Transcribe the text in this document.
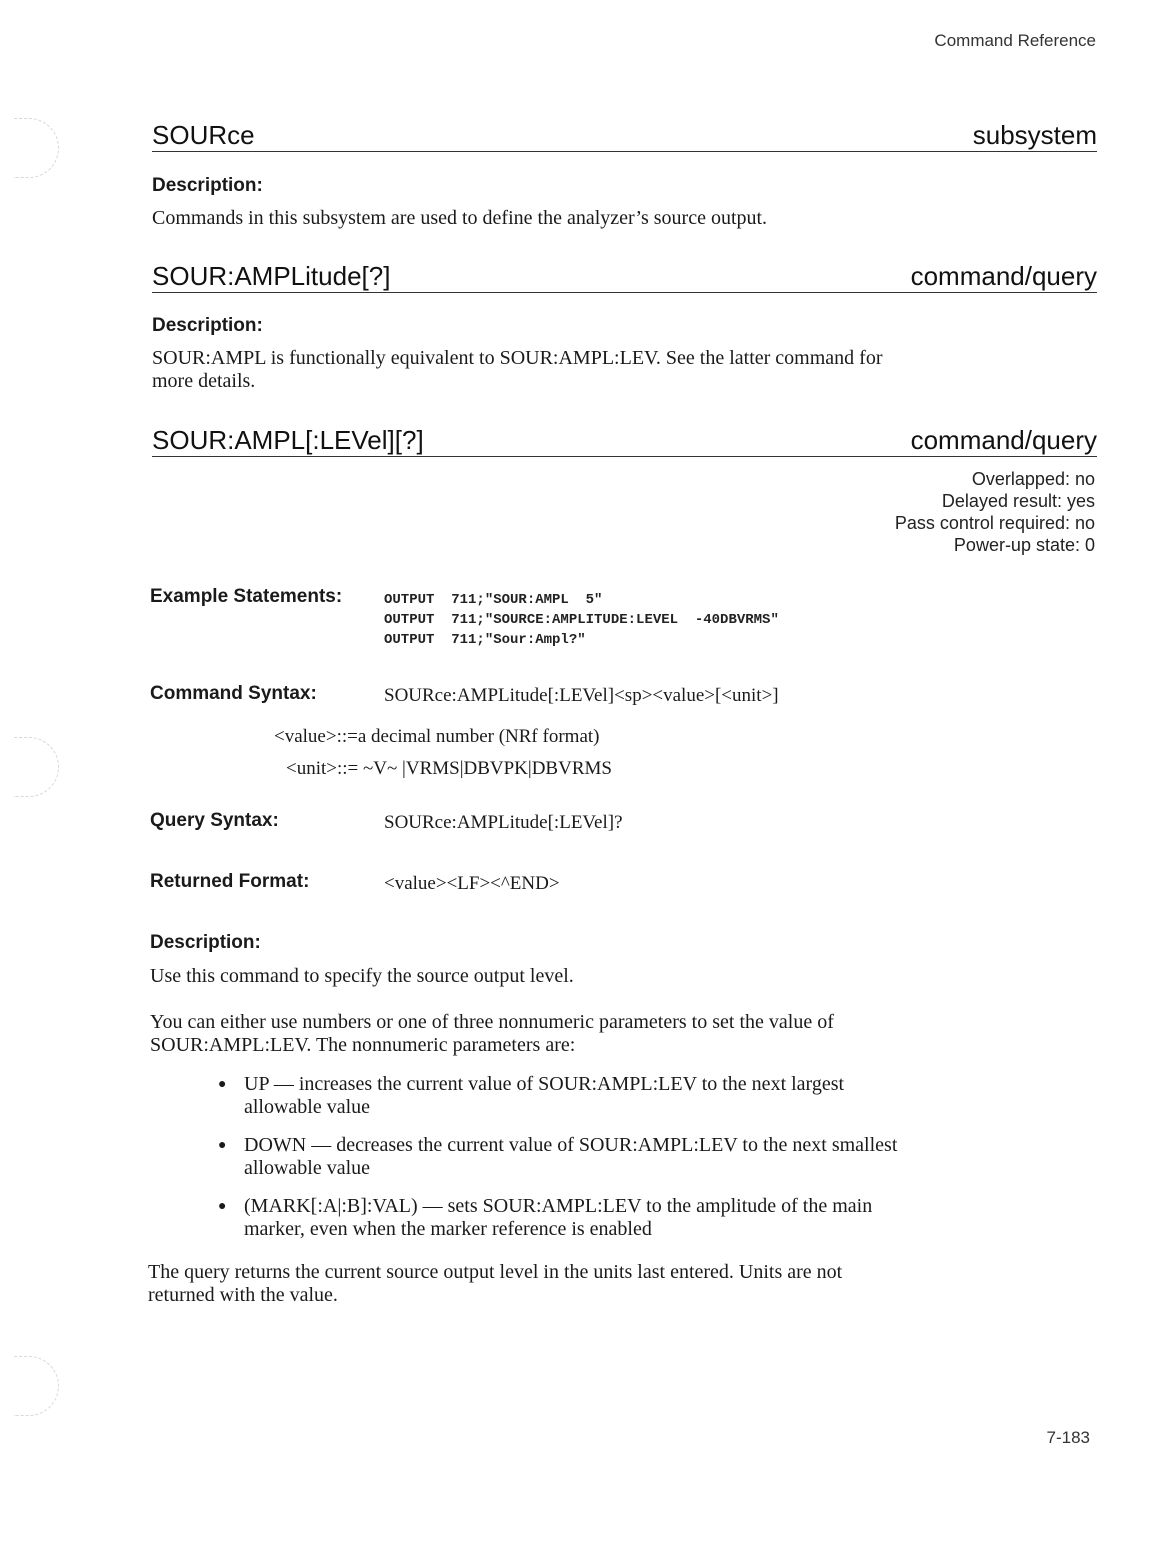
Command Reference
SOURce	subsystem
Description:
Commands in this subsystem are used to define the analyzer’s source output.
SOUR:AMPLitude[?]	command/query
Description:
SOUR:AMPL is functionally equivalent to SOUR:AMPL:LEV. See the latter command for
more details.
SOUR:AMPL[:LEVel][?]	command/query
Overlapped: no
Delayed result: yes
Pass control required: no
Power-up state: 0
Example Statements:	OUTPUT  711;"SOUR:AMPL  5"
OUTPUT  711;"SOURCE:AMPLITUDE:LEVEL  -40DBVRMS"
OUTPUT  711;"Sour:Ampl?"
Command Syntax:	SOURce:AMPLitude[:LEVel]<sp><value>[<unit>]
<value>::=a decimal number (NRf format)
<unit>::= ~V~ |VRMS|DBVPK|DBVRMS
Query Syntax:	SOURce:AMPLitude[:LEVel]?
Returned Format:	<value><LF><^END>
Description:
Use this command to specify the source output level.
You can either use numbers or one of three nonnumeric parameters to set the value of
SOUR:AMPL:LEV. The nonnumeric parameters are:
● UP — increases the current value of SOUR:AMPL:LEV to the next largest
allowable value
● DOWN — decreases the current value of SOUR:AMPL:LEV to the next smallest
allowable value
● (MARK[:A|:B]:VAL) — sets SOUR:AMPL:LEV to the amplitude of the main
marker, even when the marker reference is enabled
The query returns the current source output level in the units last entered. Units are not
returned with the value.
7-183
